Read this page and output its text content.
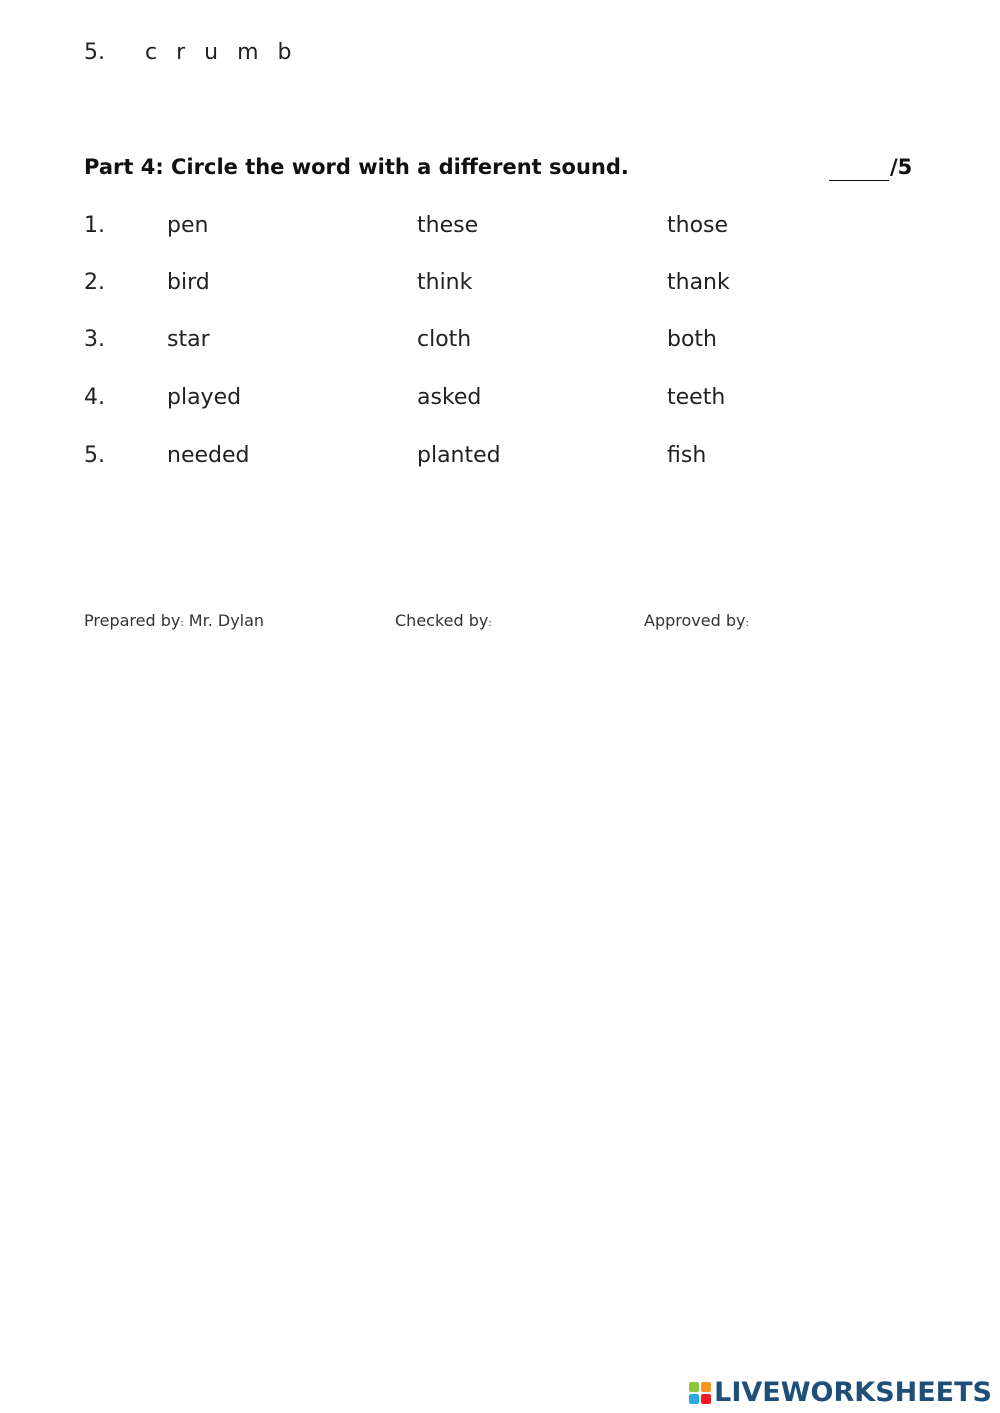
5. c r u m b
Part 4: Circle the word with a different sound.	/5
1.	pen	these	those
2.	bird	think	thank
3.	star	cloth	both
4.	played	asked	teeth
5.	needed	planted	fish
Prepared by: Mr. Dylan	Checked by:	Approved by:
LIVEWORKSHEETS
